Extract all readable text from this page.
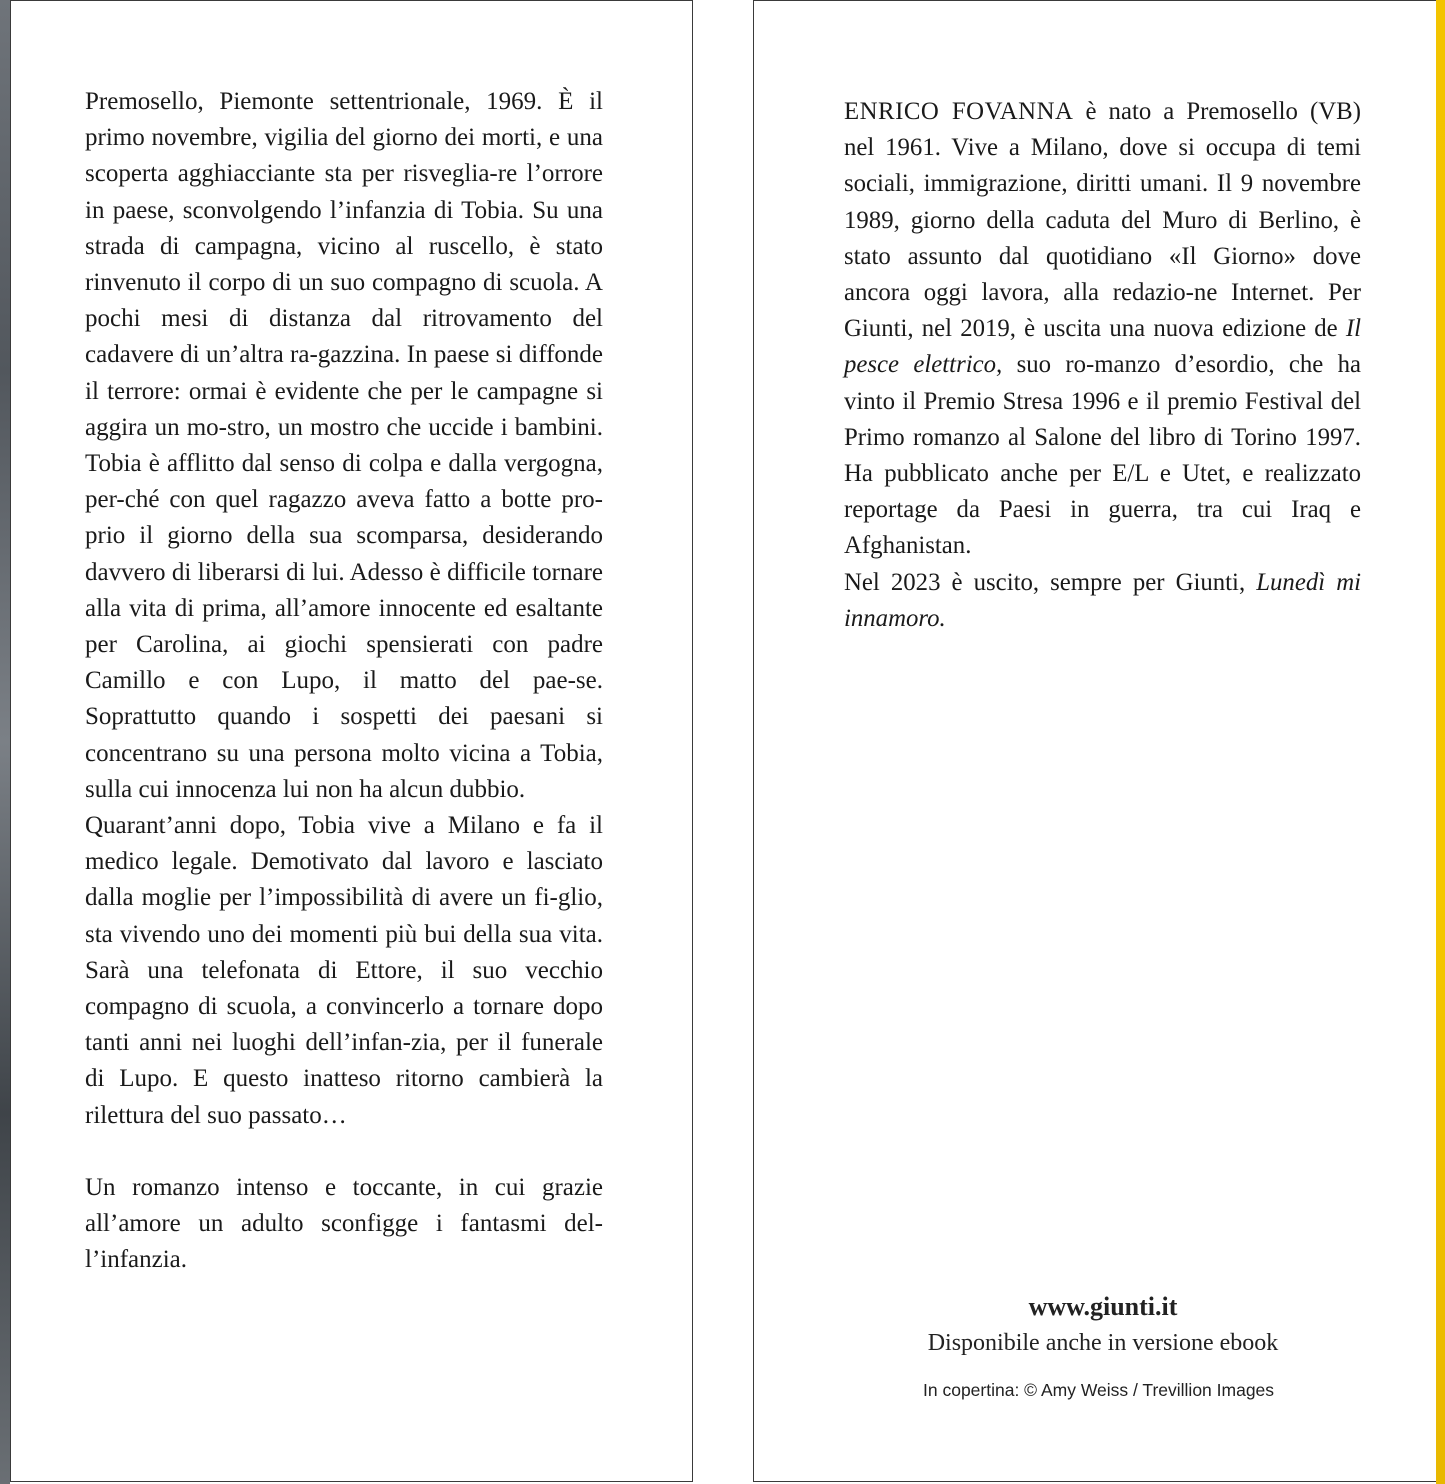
Premosello, Piemonte settentrionale, 1969. È il primo novembre, vigilia del giorno dei morti, e una scoperta agghiacciante sta per risveglia-re l’orrore in paese, sconvolgendo l’infanzia di Tobia. Su una strada di campagna, vicino al ruscello, è stato rinvenuto il corpo di un suo compagno di scuola. A pochi mesi di distanza dal ritrovamento del cadavere di un’altra ra-gazzina. In paese si diffonde il terrore: ormai è evidente che per le campagne si aggira un mo-stro, un mostro che uccide i bambini. Tobia è afflitto dal senso di colpa e dalla vergogna, per-ché con quel ragazzo aveva fatto a botte pro-prio il giorno della sua scomparsa, desiderando davvero di liberarsi di lui. Adesso è difficile tornare alla vita di prima, all’amore innocente ed esaltante per Carolina, ai giochi spensierati con padre Camillo e con Lupo, il matto del pae-se. Soprattutto quando i sospetti dei paesani si concentrano su una persona molto vicina a Tobia, sulla cui innocenza lui non ha alcun dubbio.

Quarant’anni dopo, Tobia vive a Milano e fa il medico legale. Demotivato dal lavoro e lasciato dalla moglie per l’impossibilità di avere un fi-glio, sta vivendo uno dei momenti più bui della sua vita. Sarà una telefonata di Ettore, il suo vecchio compagno di scuola, a convincerlo a tornare dopo tanti anni nei luoghi dell’infan-zia, per il funerale di Lupo. E questo inatteso ritorno cambierà la rilettura del suo passato…

Un romanzo intenso e toccante, in cui grazie all’amore un adulto sconfigge i fantasmi del-l’infanzia.

ENRICO FOVANNA è nato a Premosello (VB) nel 1961. Vive a Milano, dove si occupa di temi sociali, immigrazione, diritti umani. Il 9 novembre 1989, giorno della caduta del Muro di Berlino, è stato assunto dal quotidiano «Il Giorno» dove ancora oggi lavora, alla redazio-ne Internet. Per Giunti, nel 2019, è uscita una nuova edizione de Il pesce elettrico, suo ro-manzo d’esordio, che ha vinto il Premio Stresa 1996 e il premio Festival del Primo romanzo al Salone del libro di Torino 1997. Ha pubblicato anche per E/L e Utet, e realizzato reportage da Paesi in guerra, tra cui Iraq e Afghanistan.

Nel 2023 è uscito, sempre per Giunti, Lunedì mi innamoro.

www.giunti.it
Disponibile anche in versione ebook
In copertina: © Amy Weiss / Trevillion Images
